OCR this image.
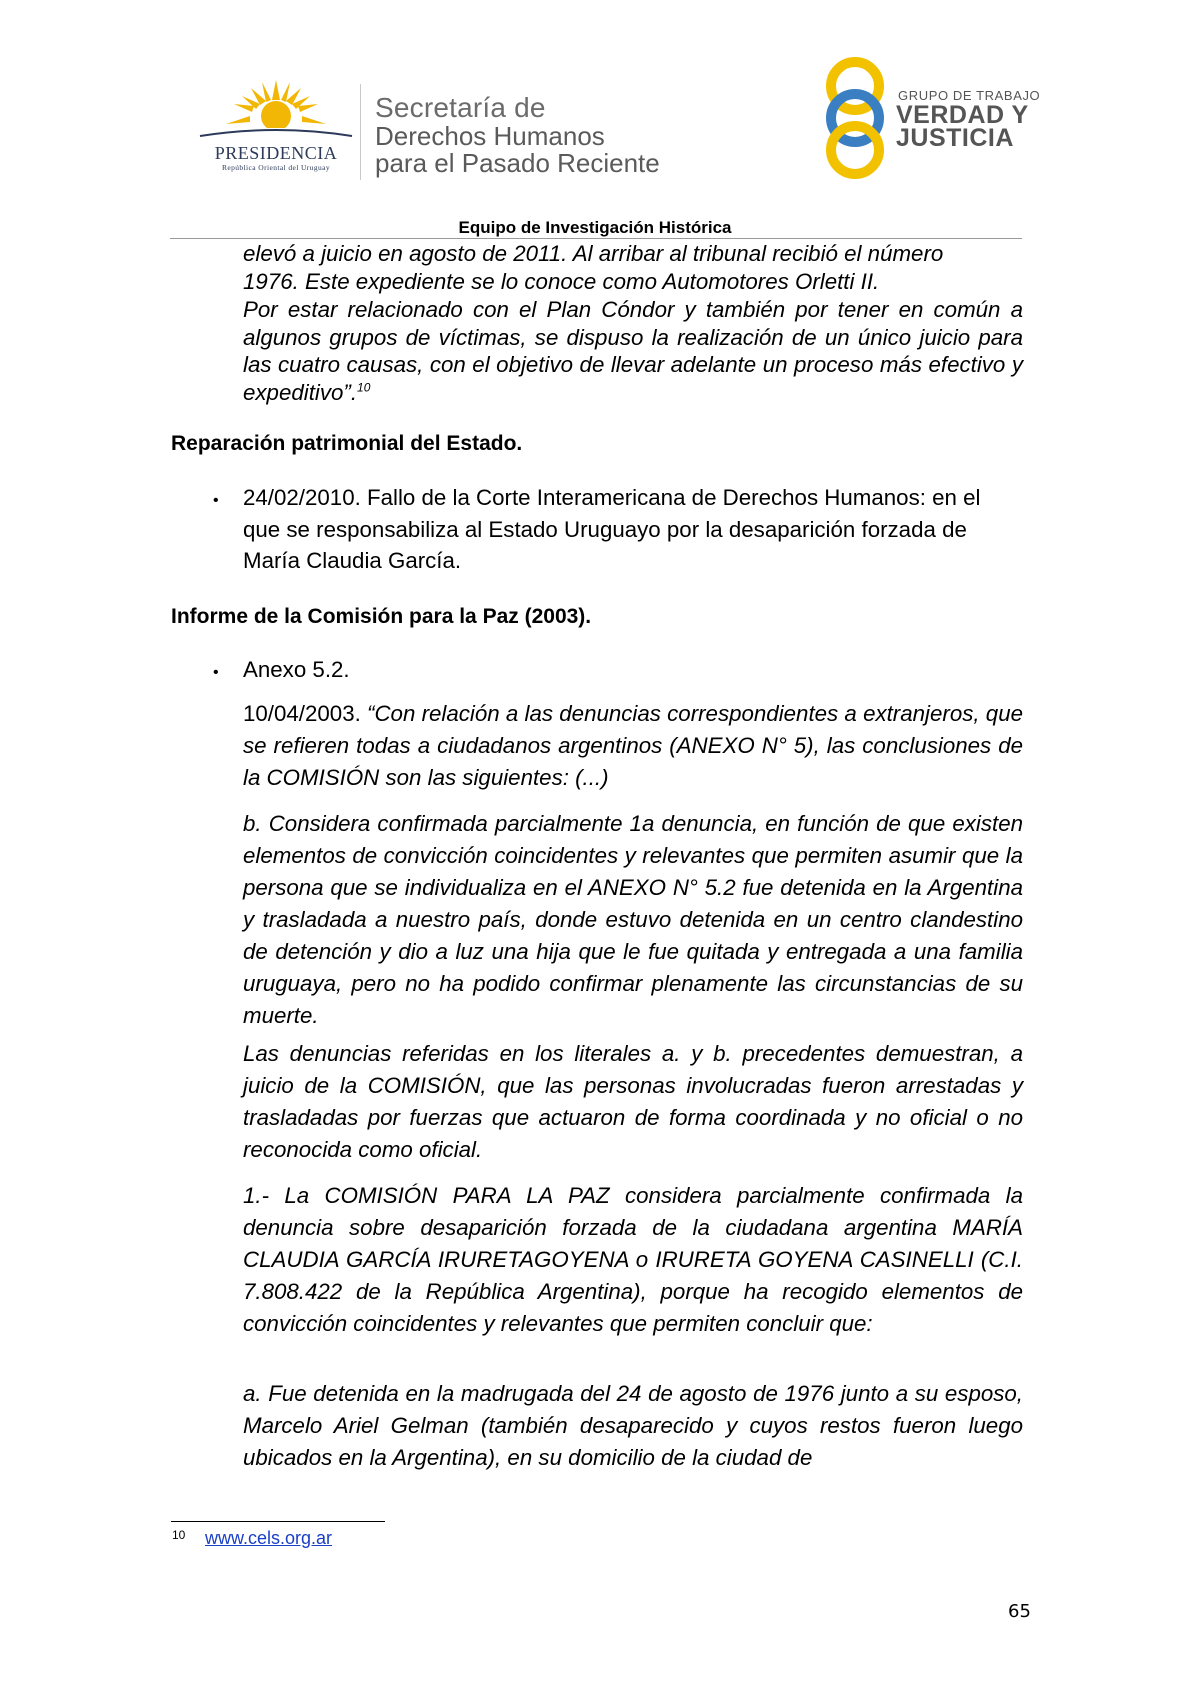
PRESIDENCIA
República Oriental del Uruguay
Secretaría de
Derechos Humanos
para el Pasado Reciente
GRUPO DE TRABAJO
VERDAD Y
JUSTICIA
Equipo de Investigación Histórica
elevó a juicio en agosto de 2011. Al arribar al tribunal recibió el número
1976. Este expediente se lo conoce como Automotores Orletti II.
Por estar relacionado con el Plan Cóndor y también por tener en común a algunos grupos de víctimas, se dispuso la realización de un único juicio para las cuatro causas, con el objetivo de llevar adelante un proceso más efectivo y expeditivo”.$^{10}$
Reparación patrimonial del Estado.
• 24/02/2010. Fallo de la Corte Interamericana de Derechos Humanos: en el que se responsabiliza al Estado Uruguayo por la desaparición forzada de María Claudia García.
Informe de la Comisión para la Paz (2003).
• Anexo 5.2.
10/04/2003. “Con relación a las denuncias correspondientes a extranjeros, que se refieren todas a ciudadanos argentinos (ANEXO N° 5), las conclusiones de la COMISIÓN son las siguientes: (...)
b. Considera confirmada parcialmente 1a denuncia, en función de que existen elementos de convicción coincidentes y relevantes que permiten asumir que la persona que se individualiza en el ANEXO N° 5.2 fue detenida en la Argentina y trasladada a nuestro país, donde estuvo detenida en un centro clandestino de detención y dio a luz una hija que le fue quitada y entregada a una familia uruguaya, pero no ha podido confirmar plenamente las circunstancias de su muerte.
Las denuncias referidas en los literales a. y b. precedentes demuestran, a juicio de la COMISIÓN, que las personas involucradas fueron arrestadas y trasladadas por fuerzas que actuaron de forma coordinada y no oficial o no reconocida como oficial.
1.- La COMISIÓN PARA LA PAZ considera parcialmente confirmada la denuncia sobre desaparición forzada de la ciudadana argentina MARÍA CLAUDIA GARCÍA IRURETAGOYENA o IRURETA GOYENA CASINELLI (C.I. 7.808.422 de la República Argentina), porque ha recogido elementos de convicción coincidentes y relevantes que permiten concluir que:
a. Fue detenida en la madrugada del 24 de agosto de 1976 junto a su esposo, Marcelo Ariel Gelman (también desaparecido y cuyos restos fueron luego ubicados en la Argentina), en su domicilio de la ciudad de
10 www.cels.org.ar
65
